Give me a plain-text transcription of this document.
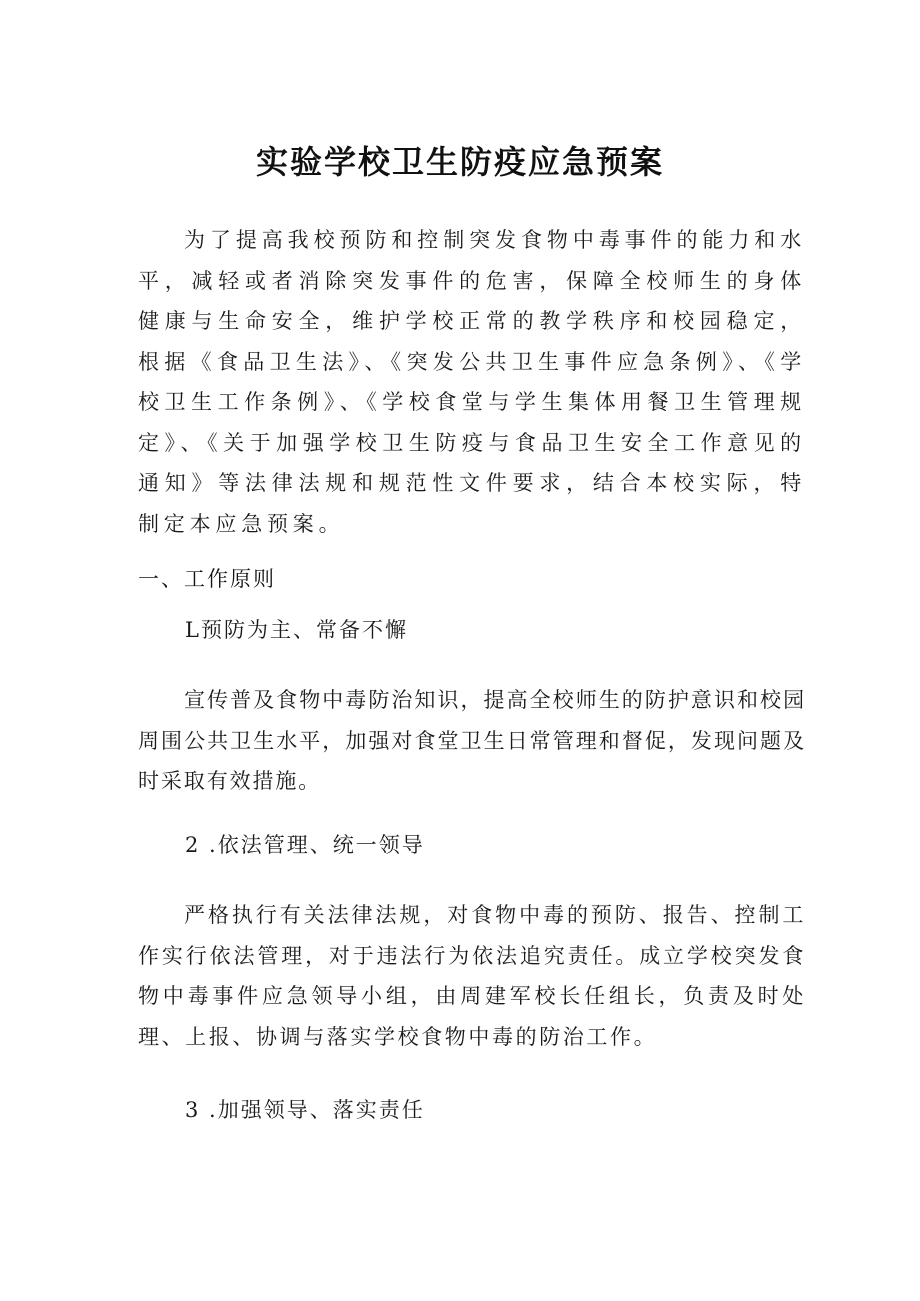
实验学校卫生防疫应急预案

为了提高我校预防和控制突发食物中毒事件的能力和水平，减轻或者消除突发事件的危害，保障全校师生的身体健康与生命安全，维护学校正常的教学秩序和校园稳定，根据《食品卫生法》、《突发公共卫生事件应急条例》、《学校卫生工作条例》、《学校食堂与学生集体用餐卫生管理规定》、《关于加强学校卫生防疫与食品卫生安全工作意见的通知》等法律法规和规范性文件要求，结合本校实际，特制定本应急预案。

一、工作原则
L预防为主、常备不懈

宣传普及食物中毒防治知识，提高全校师生的防护意识和校园周围公共卫生水平，加强对食堂卫生日常管理和督促，发现问题及时采取有效措施。

2 .依法管理、统一领导

严格执行有关法律法规，对食物中毒的预防、报告、控制工作实行依法管理，对于违法行为依法追究责任。成立学校突发食物中毒事件应急领导小组，由周建军校长任组长，负责及时处理、上报、协调与落实学校食物中毒的防治工作。

3 .加强领导、落实责任
